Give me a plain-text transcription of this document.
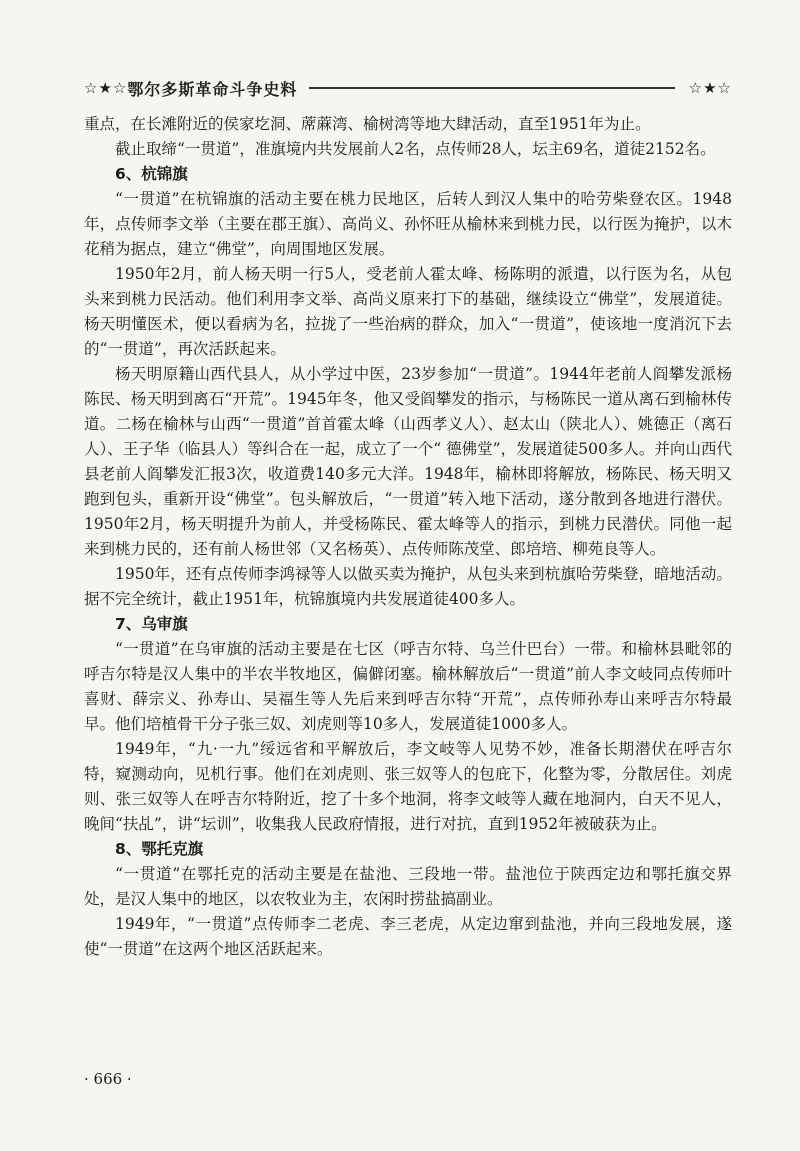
☆★☆ 鄂尔多斯革命斗争史料	☆★☆

重点，在长滩附近的侯家圪洞、蓆蔴湾、榆树湾等地大肆活动，直至1951年为止。

截止取缔“一贯道”，准旗境内共发展前人2名，点传师28人，坛主69名，道徒2152名。

6、杭锦旗

“一贯道”在杭锦旗的活动主要在桃力民地区，后转人到汉人集中的哈劳柴登农区。1948年，点传师李文举（主要在郡王旗）、高尚义、孙怀旺从榆林来到桃力民，以行医为掩护，以木花稍为据点，建立“佛堂”，向周围地区发展。

1950年2月，前人杨天明一行5人，受老前人霍太峰、杨陈明的派遣，以行医为名，从包头来到桃力民活动。他们利用李文举、高尚义原来打下的基础，继续设立“佛堂”，发展道徒。杨天明懂医术，便以看病为名，拉拢了一些治病的群众，加入“一贯道”，使该地一度消沉下去的“一贯道”，再次活跃起来。

杨天明原籍山西代县人，从小学过中医，23岁参加“一贯道”。1944年老前人阎攀发派杨陈民、杨天明到离石“开荒”。1945年冬，他又受阎攀发的指示，与杨陈民一道从离石到榆林传道。二杨在榆林与山西“一贯道”首首霍太峰（山西孝义人）、赵太山（陕北人）、姚德正（离石人）、王子华（临县人）等纠合在一起，成立了一个“ 德佛堂”，发展道徒500多人。并向山西代县老前人阎攀发汇报3次，收道费140多元大洋。1948年，榆林即将解放，杨陈民、杨天明又跑到包头，重新开设“佛堂”。包头解放后，“一贯道”转入地下活动，遂分散到各地进行潜伏。1950年2月，杨天明提升为前人，并受杨陈民、霍太峰等人的指示，到桃力民潜伏。同他一起来到桃力民的，还有前人杨世邻（又名杨英）、点传师陈茂堂、郎培培、柳苑良等人。

1950年，还有点传师李鸿禄等人以做买卖为掩护，从包头来到杭旗哈劳柴登，暗地活动。据不完全统计，截止1951年，杭锦旗境内共发展道徒400多人。

7、乌审旗

“一贯道”在乌审旗的活动主要是在七区（呼吉尔特、乌兰什巴台）一带。和榆林县毗邻的呼吉尔特是汉人集中的半农半牧地区，偏僻闭塞。榆林解放后“一贯道”前人李文岐同点传师叶喜财、薛宗义、孙寿山、吴福生等人先后来到呼吉尔特“开荒”，点传师孙寿山来呼吉尔特最早。他们培植骨干分子张三奴、刘虎则等10多人，发展道徒1000多人。

1949年，“九·一九”绥远省和平解放后，李文岐等人见势不妙，准备长期潜伏在呼吉尔特，窥测动向，见机行事。他们在刘虎则、张三奴等人的包庇下，化整为零，分散居住。刘虎则、张三奴等人在呼吉尔特附近，挖了十多个地洞，将李文岐等人藏在地洞内，白天不见人，晚间“扶乩”，讲“坛训”，收集我人民政府情报，进行对抗，直到1952年被破获为止。

8、鄂托克旗

“一贯道”在鄂托克的活动主要是在盐池、三段地一带。盐池位于陕西定边和鄂托旗交界处，是汉人集中的地区，以农牧业为主，农闲时捞盐搞副业。

1949年，“一贯道”点传师李二老虎、李三老虎，从定边窜到盐池，并向三段地发展，遂使“一贯道”在这两个地区活跃起来。

· 666 ·
